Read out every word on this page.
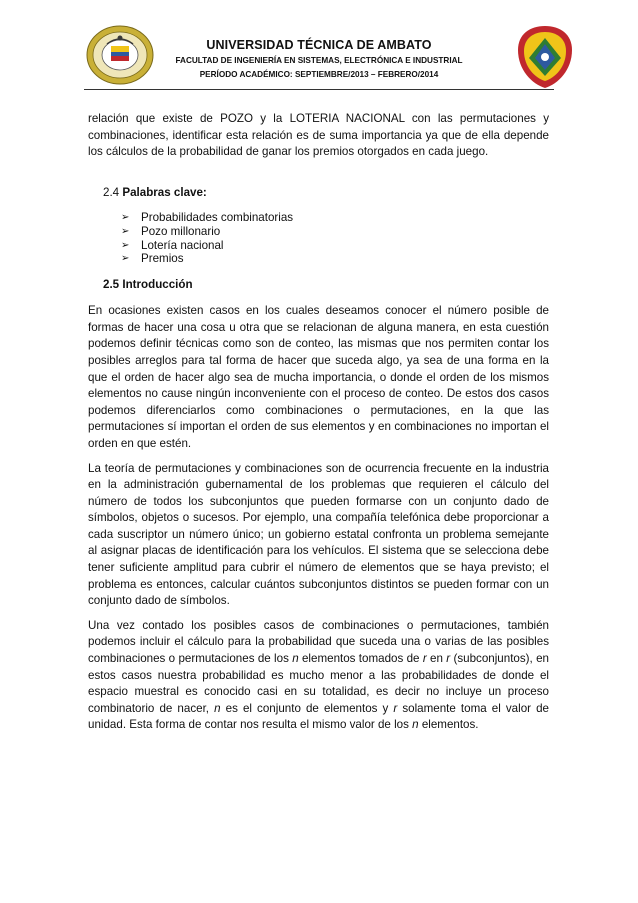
UNIVERSIDAD TÉCNICA DE AMBATO
FACULTAD DE INGENIERÍA EN SISTEMAS, ELECTRÓNICA E INDUSTRIAL
PERÍODO ACADÉMICO: SEPTIEMBRE/2013 – FEBRERO/2014

relación que existe de POZO y la LOTERIA NACIONAL con las permutaciones y combinaciones, identificar esta relación es de suma importancia ya que de ella depende los cálculos de la probabilidad de ganar los premios otorgados en cada juego.

2.4 Palabras clave:
➢	Probabilidades combinatorias
➢	Pozo millonario
➢	Lotería nacional
➢	Premios
2.5 Introducción

En ocasiones existen casos en los cuales deseamos conocer el número posible de formas de hacer una cosa u otra que se relacionan de alguna manera, en esta cuestión podemos definir técnicas como son de conteo, las mismas que nos permiten contar los posibles arreglos para tal forma de hacer que suceda algo, ya sea de una forma en la que el orden de hacer algo sea de mucha importancia, o donde el orden de los mismos elementos no cause ningún inconveniente con el proceso de conteo. De estos dos casos podemos diferenciarlos como combinaciones o permutaciones, en la que las permutaciones sí importan el orden de sus elementos y en combinaciones no importan el orden en que estén.

La teoría de permutaciones y combinaciones son de ocurrencia frecuente en la industria en la administración gubernamental de los problemas que requieren el cálculo del número de todos los subconjuntos que pueden formarse con un conjunto dado de símbolos, objetos o sucesos. Por ejemplo, una compañía telefónica debe proporcionar a cada suscriptor un número único; un gobierno estatal confronta un problema semejante al asignar placas de identificación para los vehículos. El sistema que se selecciona debe tener suficiente amplitud para cubrir el número de elementos que se haya previsto; el problema es entonces, calcular cuántos subconjuntos distintos se pueden formar con un conjunto dado de símbolos.

Una vez contado los posibles casos de combinaciones o permutaciones, también podemos incluir el cálculo para la probabilidad que suceda una o varias de las posibles combinaciones o permutaciones de los n elementos tomados de r en r (subconjuntos), en estos casos nuestra probabilidad es mucho menor a las probabilidades de donde el espacio muestral es conocido casi en su totalidad, es decir no incluye un proceso combinatorio de nacer, n es el conjunto de elementos y r solamente toma el valor de unidad. Esta forma de contar nos resulta el mismo valor de los n elementos.
